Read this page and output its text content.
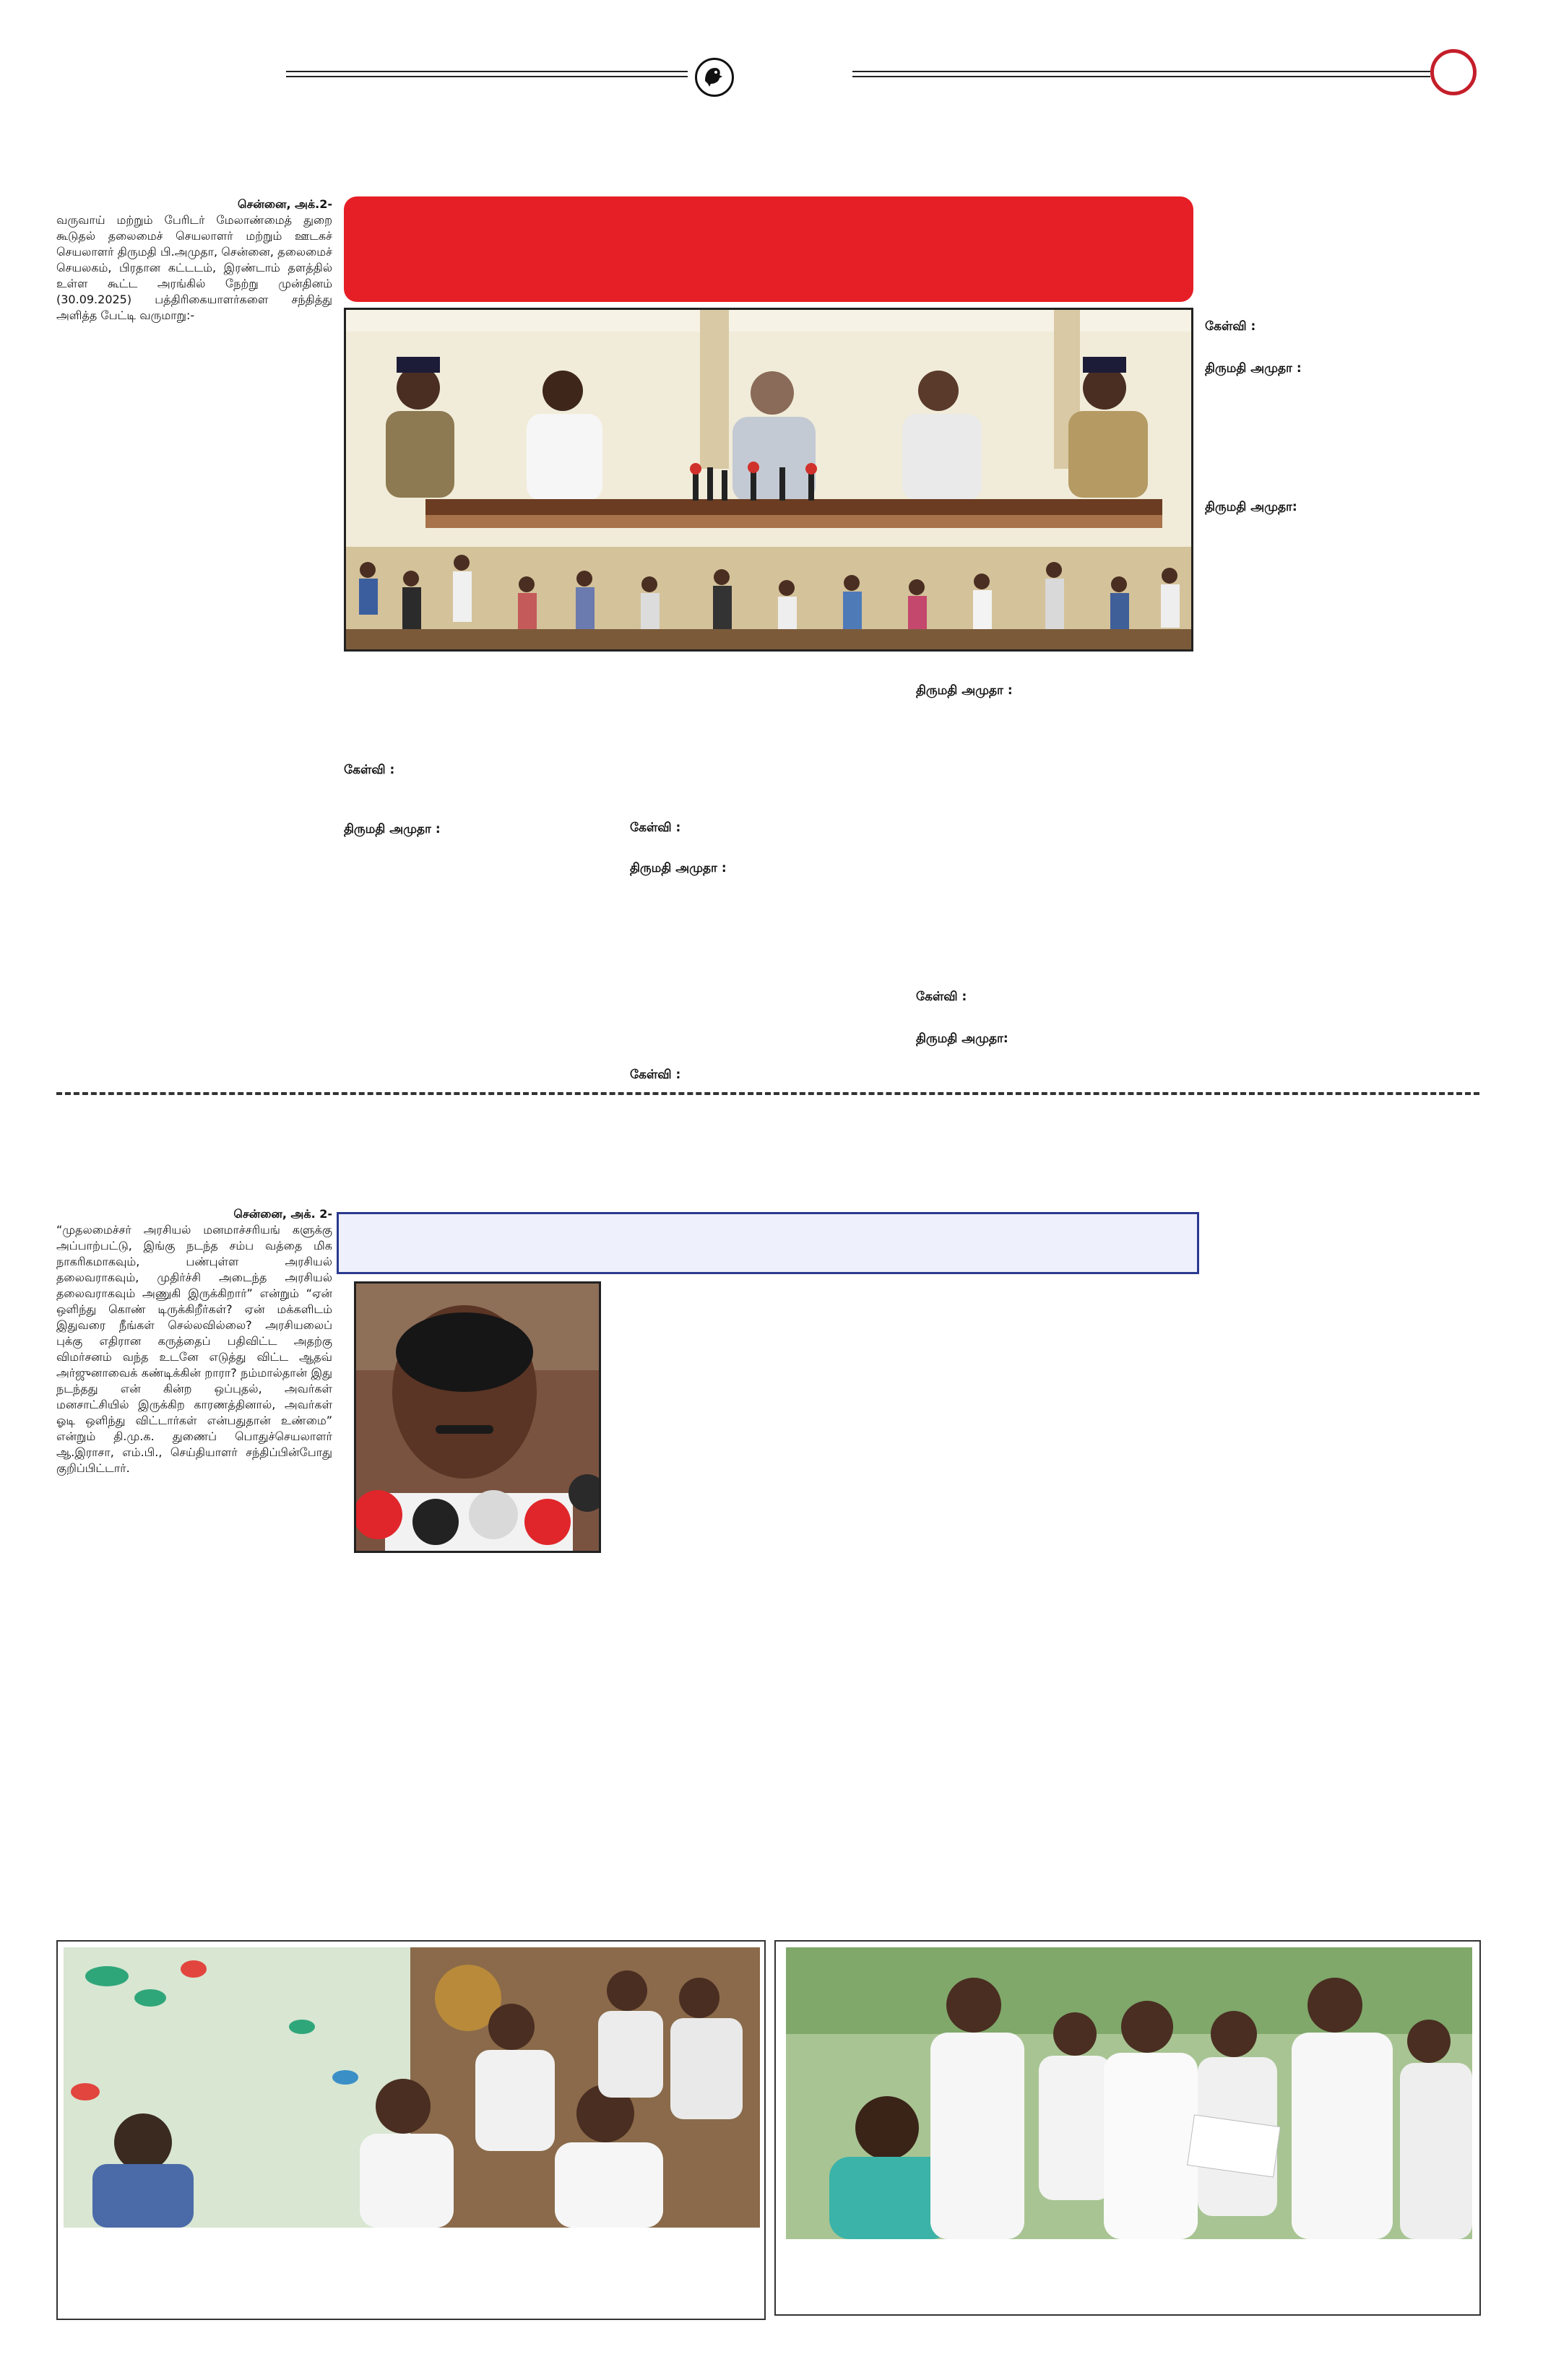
சென்னை, அக்.2-
வருவாய் மற்றும் பேரிடர் மேலாண்மைத் துறை கூடுதல் தலைமைச் செயலாளர் மற்றும் ஊடகச் செயலாளர் திருமதி பி.அமுதா, சென்னை, தலைமைச் செயலகம், பிரதான கட்டடம், இரண்டாம் தளத்தில் உள்ள கூட்ட அரங்கில் நேற்று முன்தினம் (30.09.2025) பத்திரிகையாளர்களை சந்தித்து அளித்த பேட்டி வருமாறு:-
கேள்வி :
திருமதி அமுதா :
திருமதி அமுதா:
திருமதி அமுதா :
கேள்வி :
திருமதி அமுதா :	கேள்வி :
திருமதி அமுதா :
கேள்வி :
திருமதி அமுதா:
கேள்வி :
சென்னை, அக். 2-
“முதலமைச்சர் அரசியல் மனமாச்சரியங் களுக்கு அப்பாற்பட்டு, இங்கு நடந்த சம்ப வத்தை மிக நாகரிகமாகவும், பண்புள்ள அரசியல் தலைவராகவும், முதிர்ச்சி அடைந்த அரசியல் தலைவராகவும் அணுகி இருக்கிறார்” என்றும் “ஏன் ஒளிந்து கொண் டிருக்கிறீர்கள்? ஏன் மக்களிடம் இதுவரை நீங்கள் செல்லவில்லை? அரசியலைப் புக்கு எதிரான கருத்தைப் பதிவிட்ட அதற்கு விமர்சனம் வந்த உடனே எடுத்து விட்ட ஆதவ் அர்ஜுனாவைக் கண்டிக்கின் றாரா? நம்மால்தான் இது நடந்தது என் கின்ற ஒப்புதல், அவர்கள் மனசாட்சியில் இருக்கிற காரணத்தினால், அவர்கள் ஓடி ஒளிந்து விட்டார்கள் என்பதுதான் உண்மை” என்றும் தி.மு.க. துணைப் பொதுச்செயலாளர் ஆ.இராசா, எம்.பி., செய்தியாளர் சந்திப்பின்போது குறிப்பிட்டார்.
